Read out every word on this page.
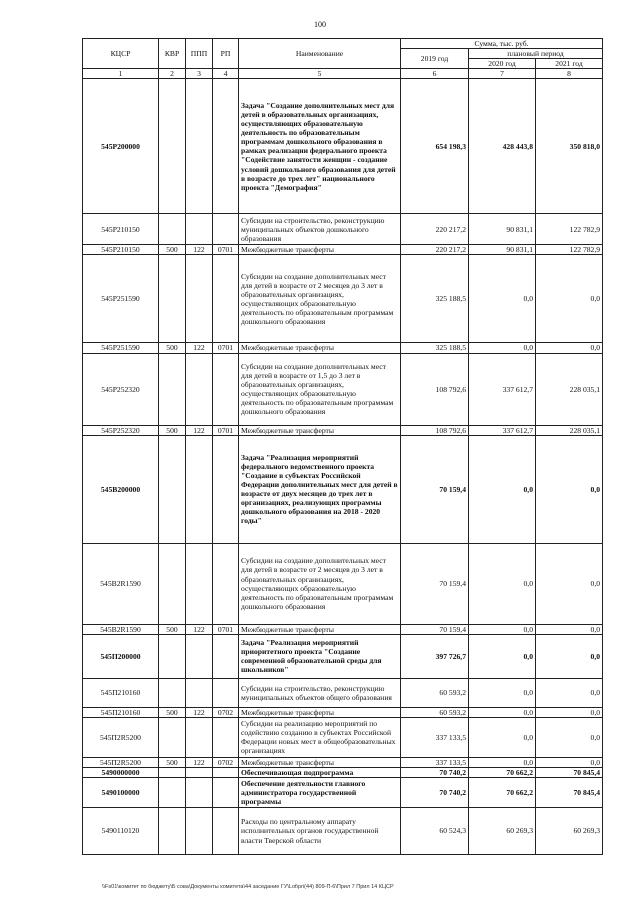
100
КЦСР	КВР	ППП	РП	Наименование	Сумма, тыс. руб.		
					2019 год	плановый период	
						2020 год	2021 год
1	2	3	4	5	6	7	8
545P200000				Задача "Создание дополнительных мест для детей в образовательных организациях, осуществляющих образовательную деятельность по образовательным программам дошкольного образования в рамках реализации федерального проекта "Содействие занятости женщин - создание условий дошкольного образования для детей в возрасте до трех лет" национального проекта "Демография"	654 198,3	428 443,8	350 818,0
545P210150				Субсидии на строительство, реконструкцию муниципальных объектов дошкольного образования	220 217,2	90 831,1	122 782,9
545P210150	500	122	0701	Межбюджетные трансферты	220 217,2	90 831,1	122 782,9
545P251590				Субсидии на создание дополнительных мест для детей в возрасте от 2 месяцев до 3 лет в образовательных организациях, осуществляющих образовательную деятельность по образовательным программам дошкольного образования	325 188,5	0,0	0,0
545P251590	500	122	0701	Межбюджетные трансферты	325 188,5	0,0	0,0
545P252320				Субсидии на создание дополнительных мест для детей в возрасте от 1,5 до 3 лет в образовательных организациях, осуществляющих образовательную деятельность по образовательным программам дошкольного образования	108 792,6	337 612,7	228 035,1
545P252320	500	122	0701	Межбюджетные трансферты	108 792,6	337 612,7	228 035,1
545B200000				Задача "Реализация мероприятий федерального ведомственного проекта "Создание в субъектах Российской Федерации дополнительных мест для детей в возрасте от двух месяцев до трех лет в организациях, реализующих программы дошкольного образования на 2018 - 2020 годы"	70 159,4	0,0	0,0
545B2R1590				Субсидии на создание дополнительных мест для детей в возрасте от 2 месяцев до 3 лет в образовательных организациях, осуществляющих образовательную деятельность по образовательным программам дошкольного образования	70 159,4	0,0	0,0
545B2R1590	500	122	0701	Межбюджетные трансферты	70 159,4	0,0	0,0
545П200000				Задача "Реализация мероприятий приоритетного проекта "Создание современной образовательной среды для школьников"	397 726,7	0,0	0,0
545П210160				Субсидии на строительство, реконструкцию муниципальных объектов общего образования	60 593,2	0,0	0,0
545П210160	500	122	0702	Межбюджетные трансферты	60 593,2	0,0	0,0
545П2R5200				Субсидии на реализацию мероприятий по содействию созданию в субъектах Российской Федерации новых мест в общеобразовательных организациях	337 133,5	0,0	0,0
545П2R5200	500	122	0702	Межбюджетные трансферты	337 133,5	0,0	0,0
5490000000				Обеспечивающая подпрограмма	70 740,2	70 662,2	70 845,4
5490100000				Обеспечение деятельности главного администратора государственной программы	70 740,2	70 662,2	70 845,4
5490110120				Расходы по центральному аппарату исполнительных органов государственной власти Тверской области	60 524,3	60 269,3	60 269,3
\\Fs01\комитет по бюджету\Б сова\Документы комитета\44 заседание ГУ\Lot\pri(44) 809-П-6\Прил 7 Прил 14 КЦСР
